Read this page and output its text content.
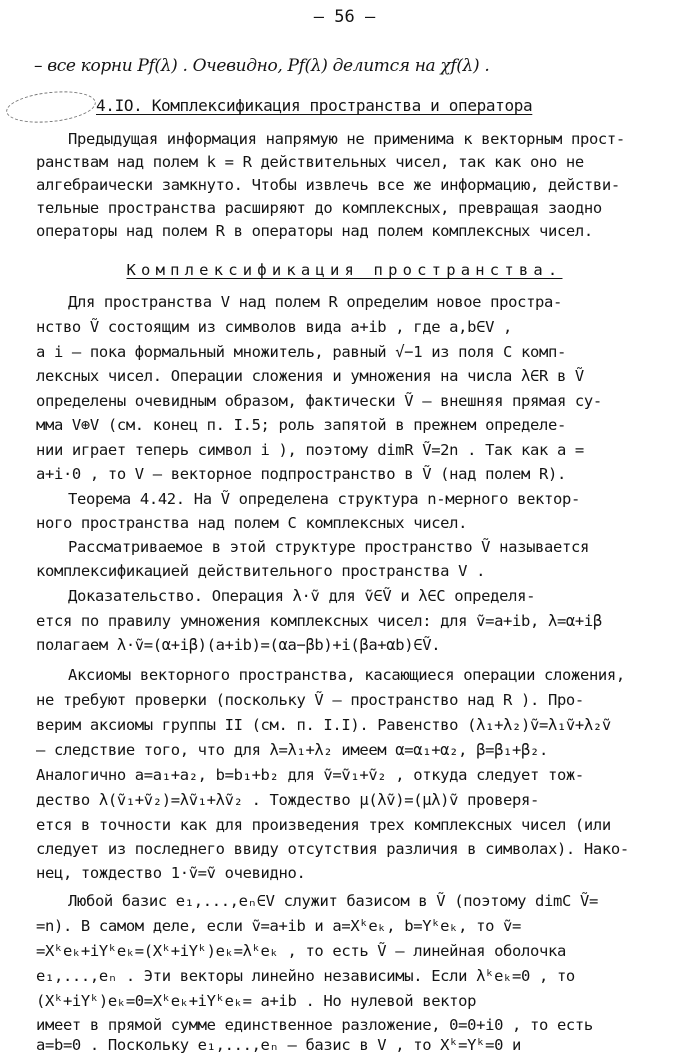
– 56 –
– все корни Pf(λ) . Очевидно, Pf(λ) делится на χf(λ) .
4.IO. Комплексификация пространства и оператора
Предыдущая информация напрямую не применима к векторным прост-
ранствам над полем k = R действительных чисел, так как оно не
алгебраически замкнуто. Чтобы извлечь все же информацию, действи-
тельные пространства расширяют до комплексных, превращая заодно
операторы над полем R в операторы над полем комплексных чисел.
Комплексификация пространства.
Для пространства V над полем R определим новое простра-
нство Ṽ состоящим из символов вида a+ib , где a,b∈V ,
а i – пока формальный множитель, равный √−1 из поля C комп-
лексных чисел. Операции сложения и умножения на числа λ∈R в Ṽ
определены очевидным образом, фактически Ṽ – внешняя прямая су-
мма V⊕V (см. конец п. I.5; роль запятой в прежнем определе-
нии играет теперь символ i ), поэтому dimR Ṽ=2n . Так как a =
a+i·0 , то V – векторное подпространство в Ṽ (над полем R).
Теорема 4.42. На Ṽ определена структура n-мерного вектор-
ного пространства над полем C комплексных чисел.
Рассматриваемое в этой структуре пространство Ṽ называется
комплексификацией действительного пространства V .
Доказательство. Операция λ·ṽ для ṽ∈Ṽ и λ∈C определя-
ется по правилу умножения комплексных чисел: для ṽ=a+ib, λ=α+iβ
полагаем λ·ṽ=(α+iβ)(a+ib)=(αa−βb)+i(βa+αb)∈Ṽ.
Аксиомы векторного пространства, касающиеся операции сложения,
не требуют проверки (поскольку Ṽ – пространство над R ). Про-
верим аксиомы группы II (см. п. I.I). Равенство (λ₁+λ₂)ṽ=λ₁ṽ+λ₂ṽ
– следствие того, что для λ=λ₁+λ₂ имеем α=α₁+α₂, β=β₁+β₂.
Аналогично a=a₁+a₂, b=b₁+b₂ для ṽ=ṽ₁+ṽ₂ , откуда следует тож-
дество λ(ṽ₁+ṽ₂)=λṽ₁+λṽ₂ . Тождество μ(λṽ)=(μλ)ṽ проверя-
ется в точности как для произведения трех комплексных чисел (или
следует из последнего ввиду отсутствия различия в символах). Нако-
нец, тождество 1·ṽ=ṽ очевидно.
Любой базис e₁,...,eₙ∈V служит базисом в Ṽ (поэтому dimC Ṽ=
=n). В самом деле, если ṽ=a+ib и a=Xᵏeₖ, b=Yᵏeₖ, то ṽ=
=Xᵏeₖ+iYᵏeₖ=(Xᵏ+iYᵏ)eₖ=λᵏeₖ , то есть Ṽ – линейная оболочка
e₁,...,eₙ . Эти векторы линейно независимы. Если λᵏeₖ=0 , то
(Xᵏ+iYᵏ)eₖ=0=Xᵏeₖ+iYᵏeₖ= a+ib . Но нулевой вектор
имеет в прямой сумме единственное разложение, 0=0+i0 , то есть
a=b=0 . Поскольку e₁,...,eₙ – базис в V , то Xᵏ=Yᵏ=0 и
